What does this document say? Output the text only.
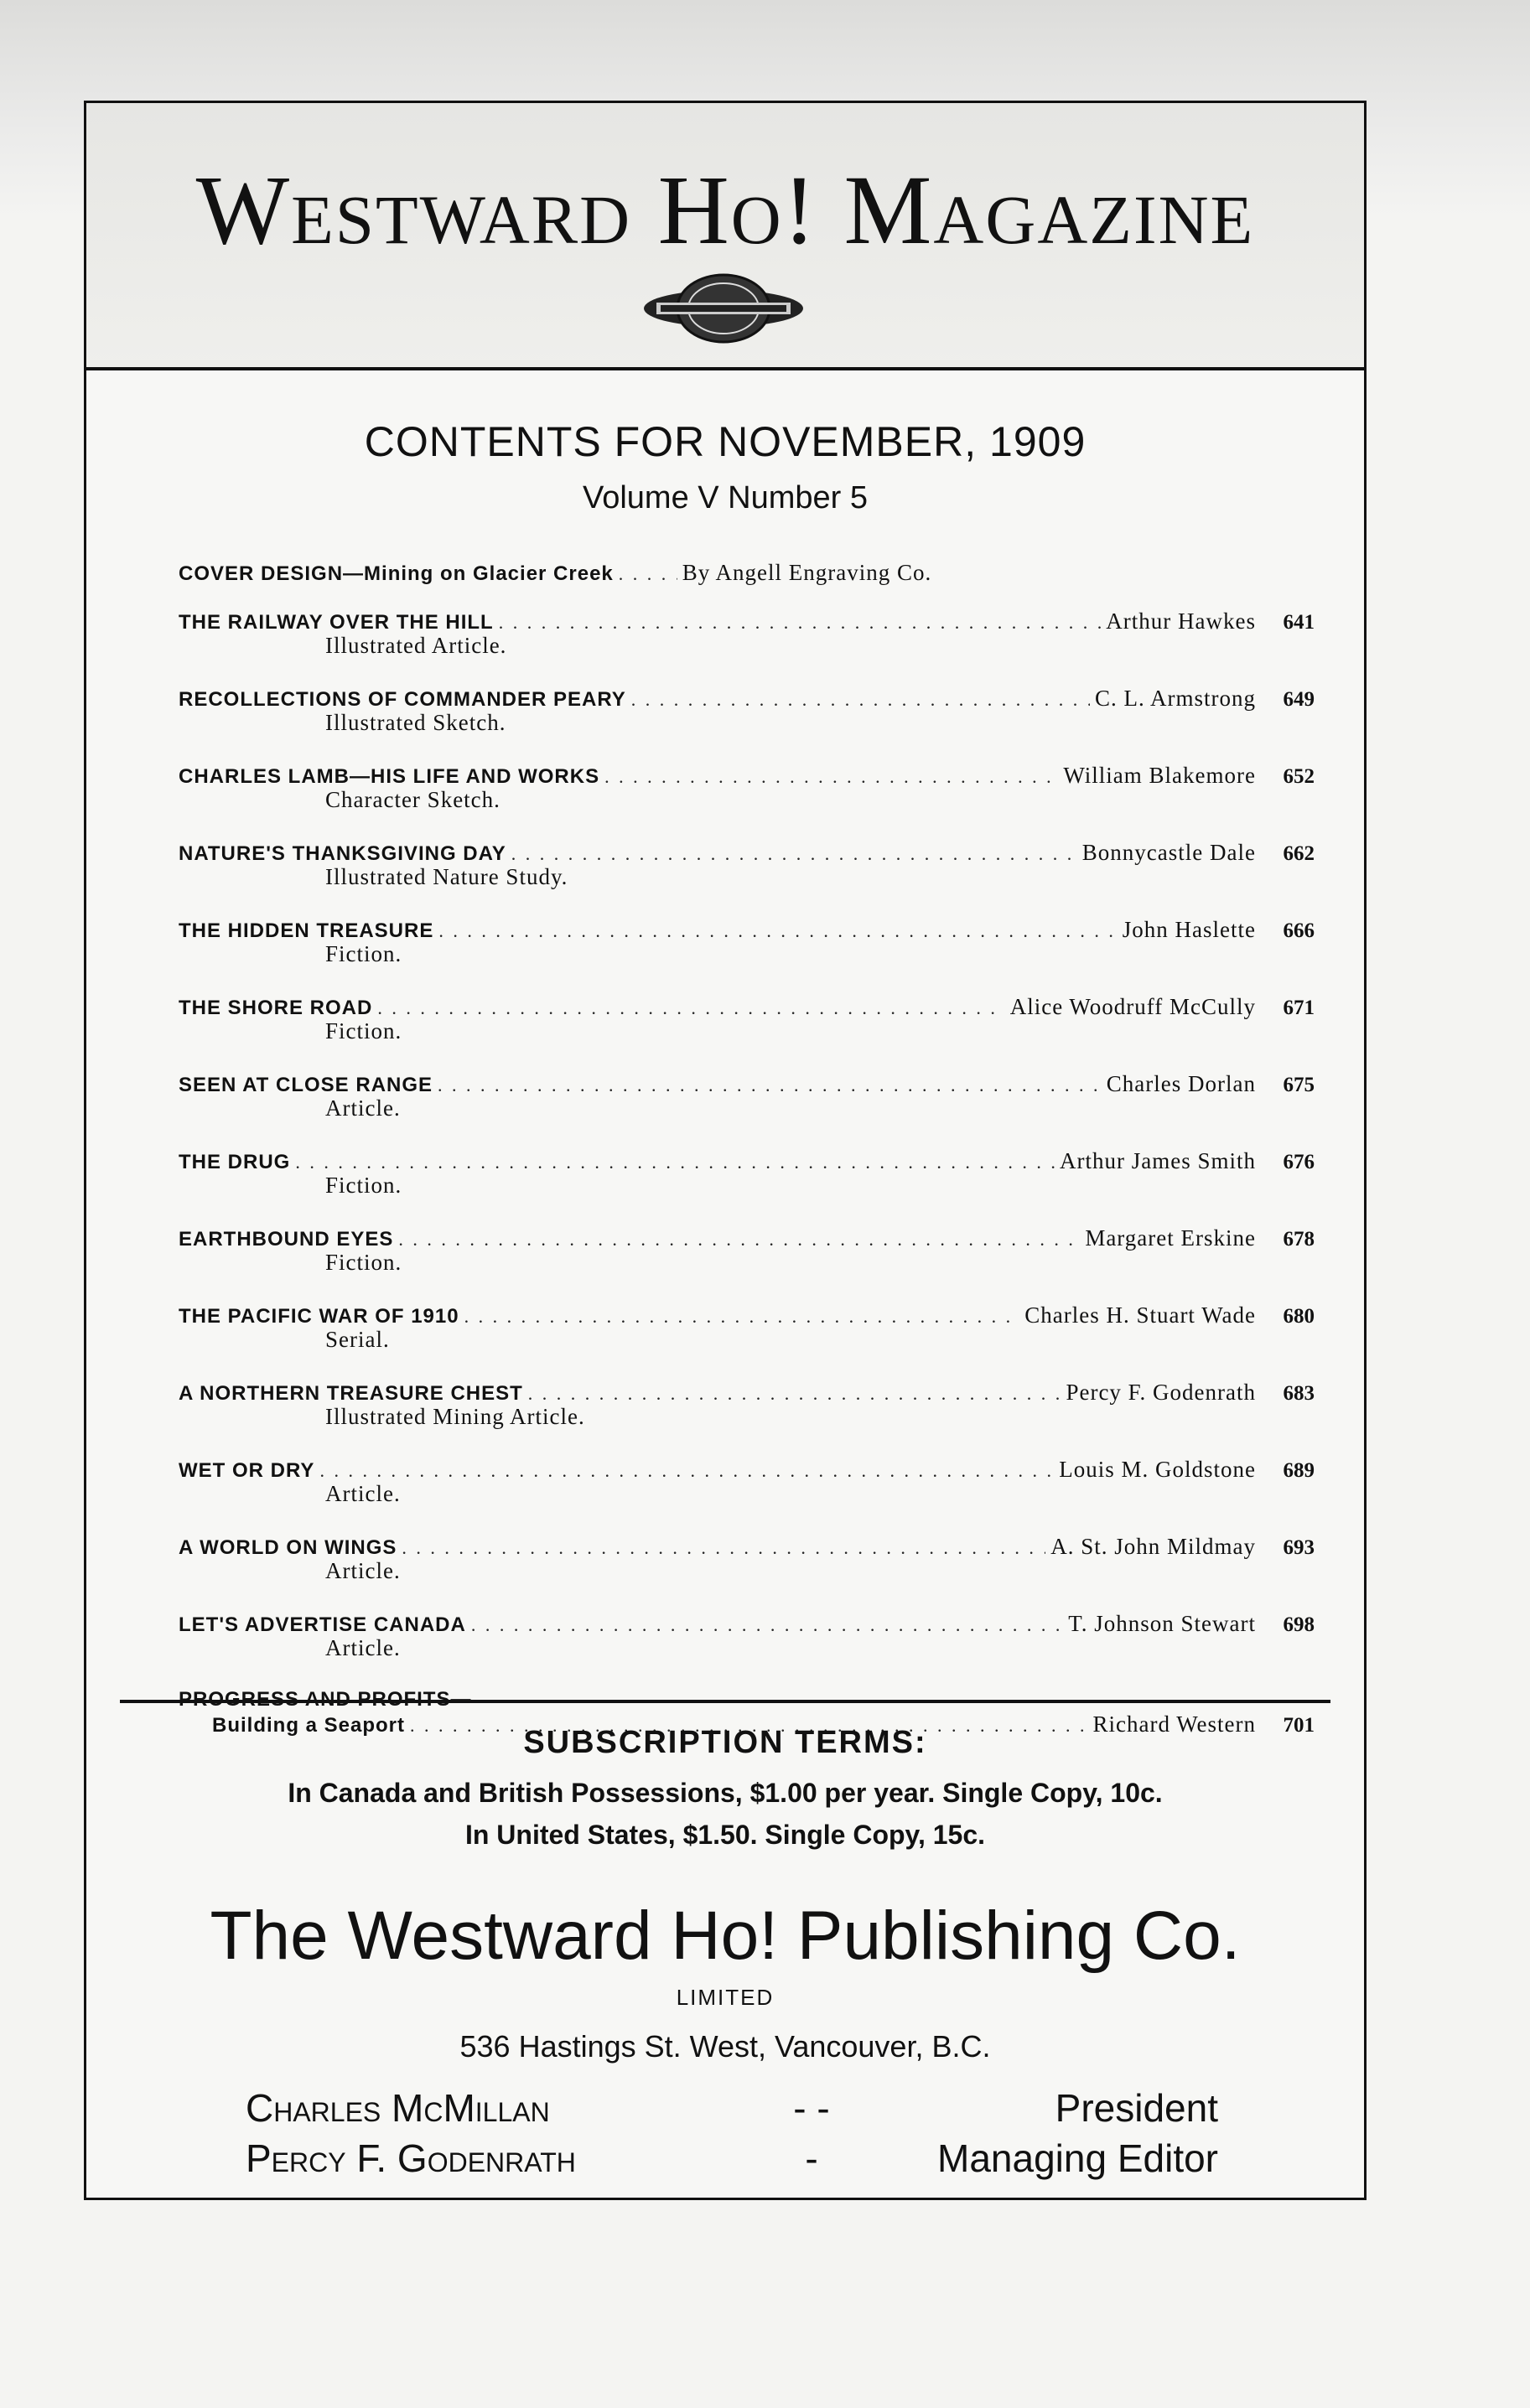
Westward Ho! Magazine
CONTENTS FOR NOVEMBER, 1909
Volume V Number 5
COVER DESIGN—Mining on Glacier Creek . . .	By Angell Engraving Co.
THE RAILWAY OVER THE HILL . . .	Arthur Hawkes	641
Illustrated Article.
RECOLLECTIONS OF COMMANDER PEARY . . .	C. L. Armstrong	649
Illustrated Sketch.
CHARLES LAMB—HIS LIFE AND WORKS . . .	William Blakemore	652
Character Sketch.
NATURE'S THANKSGIVING DAY . . .	Bonnycastle Dale	662
Illustrated Nature Study.
THE HIDDEN TREASURE . . .	John Haslette	666
Fiction.
THE SHORE ROAD . . .	Alice Woodruff McCully	671
Fiction.
SEEN AT CLOSE RANGE . . .	Charles Dorlan	675
Article.
THE DRUG . . .	Arthur James Smith	676
Fiction.
EARTHBOUND EYES . . .	Margaret Erskine	678
Fiction.
THE PACIFIC WAR OF 1910 . . .	Charles H. Stuart Wade	680
Serial.
A NORTHERN TREASURE CHEST . . .	Percy F. Godenrath	683
Illustrated Mining Article.
WET OR DRY . . .	Louis M. Goldstone	689
Article.
A WORLD ON WINGS . . .	A. St. John Mildmay	693
Article.
LET'S ADVERTISE CANADA . . .	T. Johnson Stewart	698
Article.
PROGRESS AND PROFITS—
Building a Seaport . . .	Richard Western	701
SUBSCRIPTION TERMS:
In Canada and British Possessions, $1.00 per year. Single Copy, 10c.
In United States, $1.50. Single Copy, 15c.
The Westward Ho! Publishing Co.
LIMITED
536 Hastings St. West, Vancouver, B.C.
Charles McMillan	- -	President
Percy F. Godenrath	-	Managing Editor
